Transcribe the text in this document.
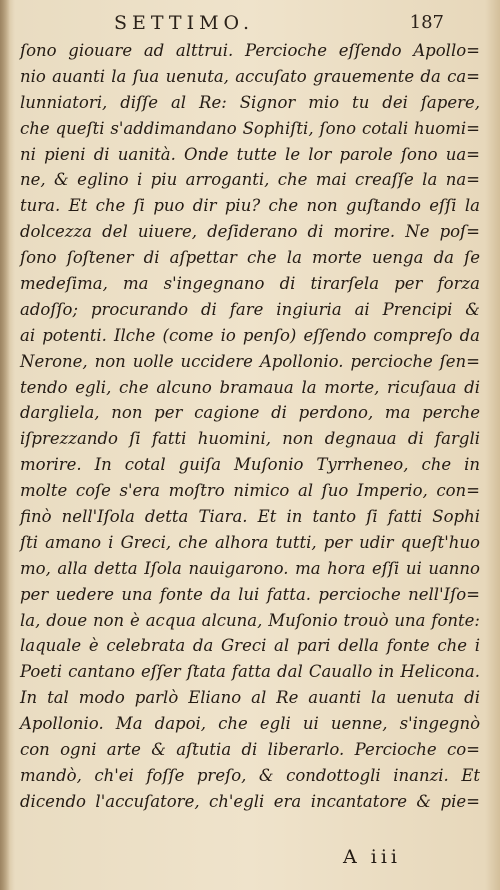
SETTIMO.	187
ſono giouare ad alttrui. Percioche eſſendo Apollo=
nio auanti la ſua uenuta, accuſato grauemente da ca=
lunniatori, diſſe al Re: Signor mio tu dei ſapere,
che queſti s'addimandano Sophiſti, ſono cotali huomi=
ni pieni di uanità. Onde tutte le lor parole ſono ua=
ne, & eglino i piu arroganti, che mai creaſſe la na=
tura. Et che ſi puo dir piu? che non guſtando eſſi la
dolcezza del uiuere, deſiderano di morire. Ne poſ=
ſono ſoſtener di aſpettar che la morte uenga da ſe
medeſima, ma s'ingegnano di tirarſela per forza
adoſſo; procurando di fare ingiuria ai Prencipi &
ai potenti. Ilche (come io penſo) eſſendo compreſo da
Nerone, non uolle uccidere Apollonio. percioche ſen=
tendo egli, che alcuno bramaua la morte, ricuſaua di
dargliela, non per cagione di perdono, ma perche
iſprezzando ſi fatti huomini, non degnaua di fargli
morire. In cotal guiſa Muſonio Tyrrheneo, che in
molte coſe s'era moſtro nimico al ſuo Imperio, con=
finò nell'Iſola detta Tiara. Et in tanto ſi fatti Sophi
ſti amano i Greci, che alhora tutti, per udir queſt'huo
mo, alla detta Iſola nauigarono. ma hora eſſi ui uanno
per uedere una fonte da lui fatta. percioche nell'Iſo=
la, doue non è acqua alcuna, Muſonio trouò una fonte:
laquale è celebrata da Greci al pari della fonte che i
Poeti cantano eſſer ſtata fatta dal Cauallo in Helicona.
In tal modo parlò Eliano al Re auanti la uenuta di
Apollonio. Ma dapoi, che egli ui uenne, s'ingegnò
con ogni arte & aſtutia di liberarlo. Percioche co=
mandò, ch'ei foſſe preſo, & condottogli inanzi. Et
dicendo l'accuſatore, ch'egli era incantatore & pie=
A iii
